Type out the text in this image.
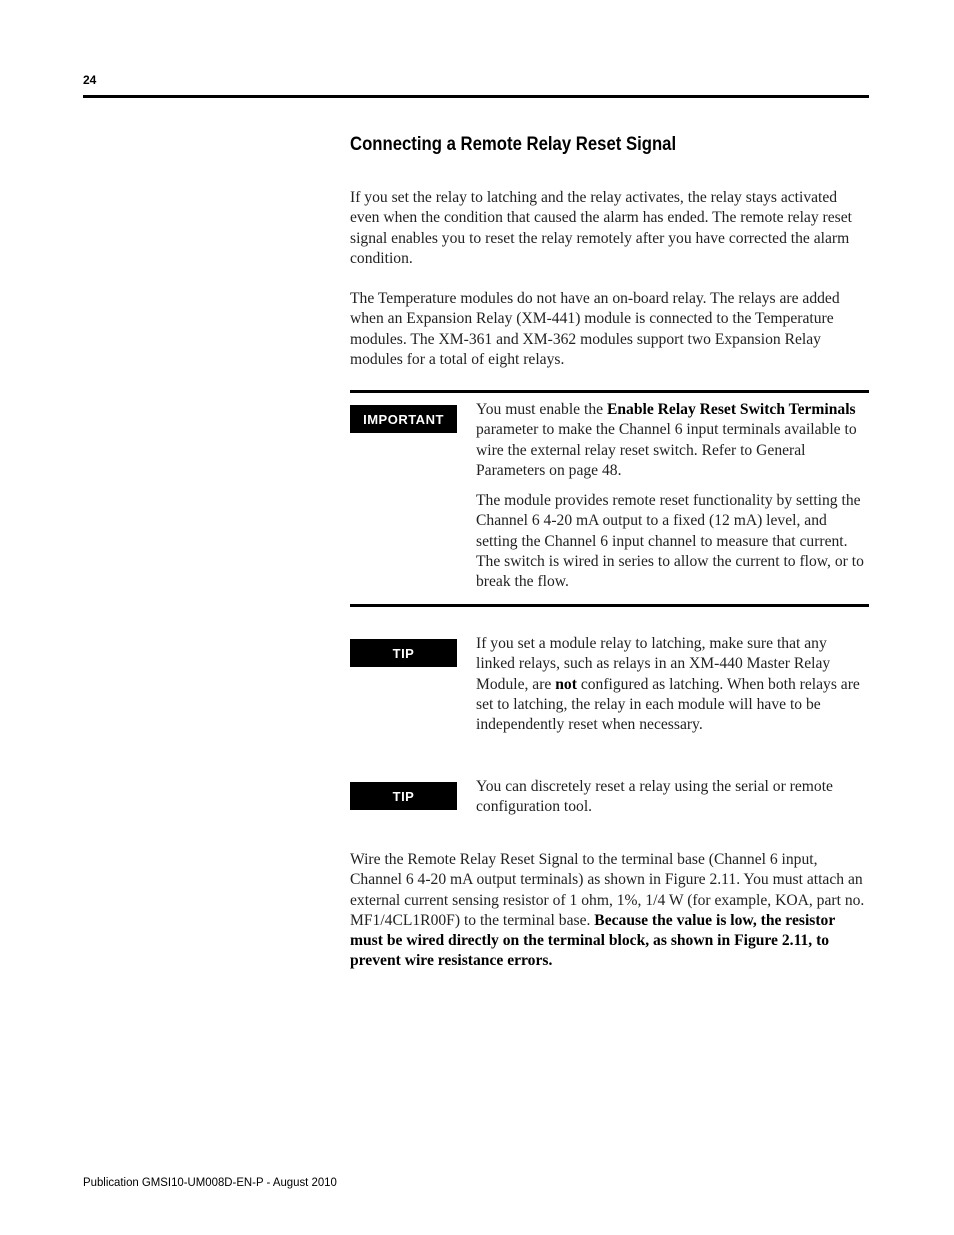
24
Connecting a Remote Relay Reset Signal

If you set the relay to latching and the relay activates, the relay stays activated even when the condition that caused the alarm has ended. The remote relay reset signal enables you to reset the relay remotely after you have corrected the alarm condition.

The Temperature modules do not have an on-board relay. The relays are added when an Expansion Relay (XM-441) module is connected to the Temperature modules. The XM-361 and XM-362 modules support two Expansion Relay modules for a total of eight relays.

IMPORTANT

You must enable the Enable Relay Reset Switch Terminals parameter to make the Channel 6 input terminals available to wire the external relay reset switch. Refer to General Parameters on page 48.

The module provides remote reset functionality by setting the Channel 6 4-20 mA output to a fixed (12 mA) level, and setting the Channel 6 input channel to measure that current. The switch is wired in series to allow the current to flow, or to break the flow.

TIP

If you set a module relay to latching, make sure that any linked relays, such as relays in an XM-440 Master Relay Module, are not configured as latching. When both relays are set to latching, the relay in each module will have to be independently reset when necessary.

TIP

You can discretely reset a relay using the serial or remote configuration tool.

Wire the Remote Relay Reset Signal to the terminal base (Channel 6 input, Channel 6 4-20 mA output terminals) as shown in Figure 2.11. You must attach an external current sensing resistor of 1 ohm, 1%, 1/4 W (for example, KOA, part no. MF1/4CL1R00F) to the terminal base. Because the value is low, the resistor must be wired directly on the terminal block, as shown in Figure 2.11, to prevent wire resistance errors.

Publication GMSI10-UM008D-EN-P - August 2010
